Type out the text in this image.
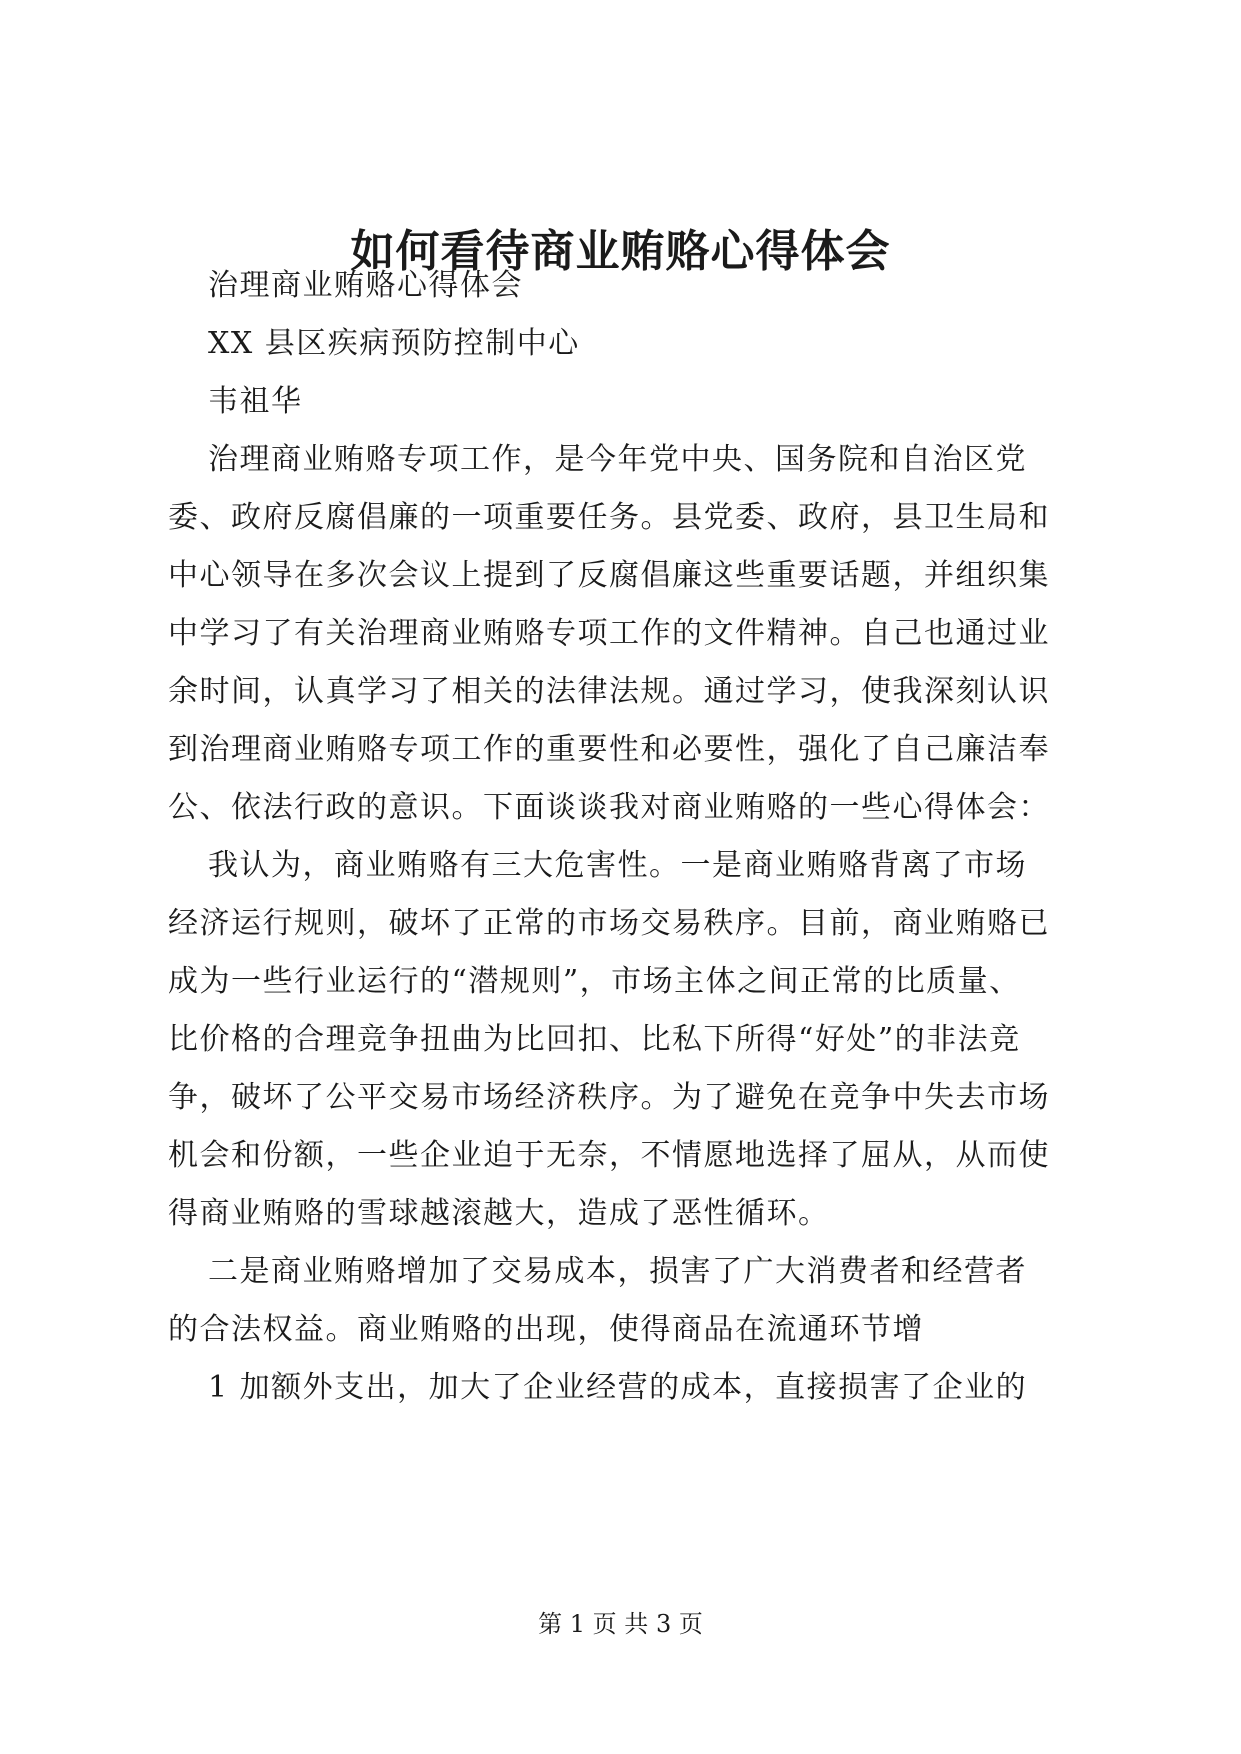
如何看待商业贿赂心得体会
治理商业贿赂心得体会
XX 县区疾病预防控制中心
韦祖华
治理商业贿赂专项工作，是今年党中央、国务院和自治区党
委、政府反腐倡廉的一项重要任务。县党委、政府，县卫生局和
中心领导在多次会议上提到了反腐倡廉这些重要话题，并组织集
中学习了有关治理商业贿赂专项工作的文件精神。自己也通过业
余时间，认真学习了相关的法律法规。通过学习，使我深刻认识
到治理商业贿赂专项工作的重要性和必要性，强化了自己廉洁奉
公、依法行政的意识。下面谈谈我对商业贿赂的一些心得体会：
我认为，商业贿赂有三大危害性。一是商业贿赂背离了市场
经济运行规则，破坏了正常的市场交易秩序。目前，商业贿赂已
成为一些行业运行的“潜规则”，市场主体之间正常的比质量、
比价格的合理竞争扭曲为比回扣、比私下所得“好处”的非法竞
争，破坏了公平交易市场经济秩序。为了避免在竞争中失去市场
机会和份额，一些企业迫于无奈，不情愿地选择了屈从，从而使
得商业贿赂的雪球越滚越大，造成了恶性循环。
二是商业贿赂增加了交易成本，损害了广大消费者和经营者
的合法权益。商业贿赂的出现，使得商品在流通环节增
1 加额外支出，加大了企业经营的成本，直接损害了企业的
第 1 页 共 3 页
